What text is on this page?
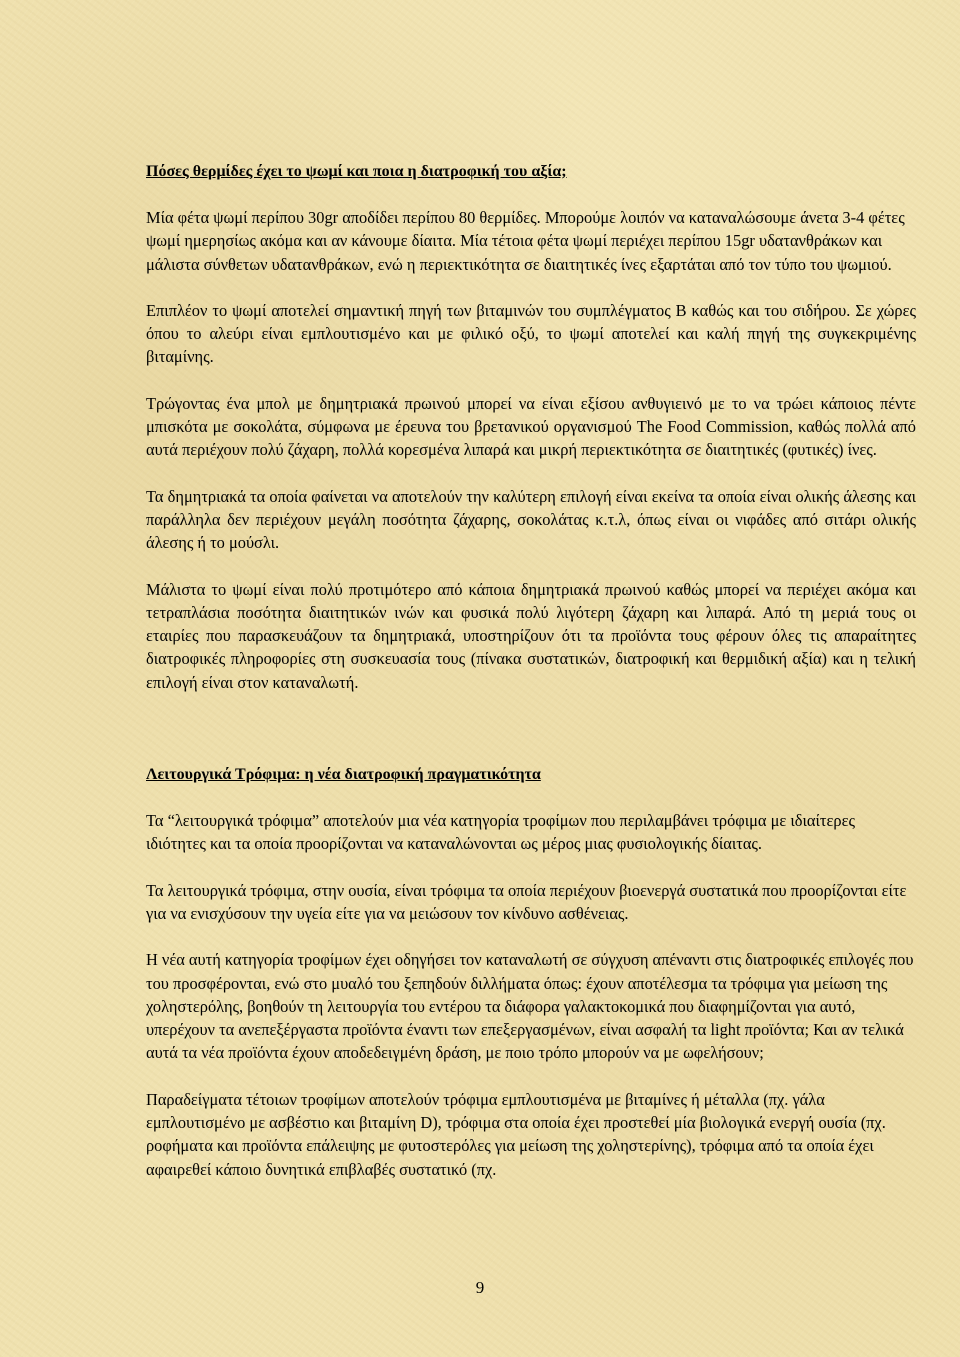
Πόσες θερμίδες έχει το ψωμί και ποια η διατροφική του αξία;
Μία φέτα ψωμί περίπου 30gr αποδίδει περίπου 80 θερμίδες. Μπορούμε λοιπόν να καταναλώσουμε άνετα 3-4 φέτες ψωμί ημερησίως ακόμα και αν κάνουμε δίαιτα. Μία τέτοια φέτα ψωμί περιέχει περίπου 15gr υδατανθράκων και μάλιστα σύνθετων υδατανθράκων, ενώ η περιεκτικότητα σε διαιτητικές ίνες εξαρτάται από τον τύπο του ψωμιού.
Επιπλέον το ψωμί αποτελεί σημαντική πηγή των βιταμινών του συμπλέγματος Β καθώς και του σιδήρου. Σε χώρες όπου το αλεύρι είναι εμπλουτισμένο και με φιλικό οξύ, το ψωμί αποτελεί και καλή πηγή της συγκεκριμένης βιταμίνης.
Τρώγοντας ένα μπολ με δημητριακά πρωινού μπορεί να είναι εξίσου ανθυγιεινό με το να τρώει κάποιος πέντε μπισκότα με σοκολάτα, σύμφωνα με έρευνα του βρετανικού οργανισμού The Food Commission, καθώς πολλά από αυτά περιέχουν πολύ ζάχαρη, πολλά κορεσμένα λιπαρά και μικρή περιεκτικότητα σε διαιτητικές (φυτικές) ίνες.
Τα δημητριακά τα οποία φαίνεται να αποτελούν την καλύτερη επιλογή είναι εκείνα τα οποία είναι ολικής άλεσης και παράλληλα δεν περιέχουν μεγάλη ποσότητα ζάχαρης, σοκολάτας κ.τ.λ, όπως είναι οι νιφάδες από σιτάρι ολικής άλεσης ή το μούσλι.
Μάλιστα το ψωμί είναι πολύ προτιμότερο από κάποια δημητριακά πρωινού καθώς μπορεί να περιέχει ακόμα και τετραπλάσια ποσότητα διαιτητικών ινών και φυσικά πολύ λιγότερη ζάχαρη και λιπαρά. Από τη μεριά τους οι εταιρίες που παρασκευάζουν τα δημητριακά, υποστηρίζουν ότι τα προϊόντα τους φέρουν όλες τις απαραίτητες διατροφικές πληροφορίες στη συσκευασία τους (πίνακα συστατικών, διατροφική και θερμιδική αξία) και η τελική επιλογή είναι στον καταναλωτή.
Λειτουργικά Τρόφιμα: η νέα διατροφική πραγματικότητα
Τα “λειτουργικά τρόφιμα” αποτελούν μια νέα κατηγορία τροφίμων που περιλαμβάνει τρόφιμα με ιδιαίτερες ιδιότητες και τα οποία προορίζονται να καταναλώνονται ως μέρος μιας φυσιολογικής δίαιτας.
Τα λειτουργικά τρόφιμα, στην ουσία, είναι τρόφιμα τα οποία περιέχουν βιοενεργά συστατικά που προορίζονται είτε για να ενισχύσουν την υγεία είτε για να μειώσουν τον κίνδυνο ασθένειας.
Η νέα αυτή κατηγορία τροφίμων έχει οδηγήσει τον καταναλωτή σε σύγχυση απέναντι στις διατροφικές επιλογές που του προσφέρονται, ενώ στο μυαλό του ξεπηδούν διλλήματα όπως: έχουν αποτέλεσμα τα τρόφιμα για μείωση της χοληστερόλης, βοηθούν τη λειτουργία του εντέρου τα διάφορα γαλακτοκομικά που διαφημίζονται για αυτό, υπερέχουν τα ανεπεξέργαστα προϊόντα έναντι των επεξεργασμένων, είναι ασφαλή τα light προϊόντα; Και αν τελικά αυτά τα νέα προϊόντα έχουν αποδεδειγμένη δράση, με ποιο τρόπο μπορούν να με ωφελήσουν;
Παραδείγματα τέτοιων τροφίμων αποτελούν τρόφιμα εμπλουτισμένα με βιταμίνες ή μέταλλα (πχ. γάλα εμπλουτισμένο με ασβέστιο και βιταμίνη D), τρόφιμα στα οποία έχει προστεθεί μία βιολογικά ενεργή ουσία (πχ. ροφήματα και προϊόντα επάλειψης με φυτοστερόλες για μείωση της χοληστερίνης), τρόφιμα από τα οποία έχει αφαιρεθεί κάποιο δυνητικά επιβλαβές συστατικό (πχ.
9
